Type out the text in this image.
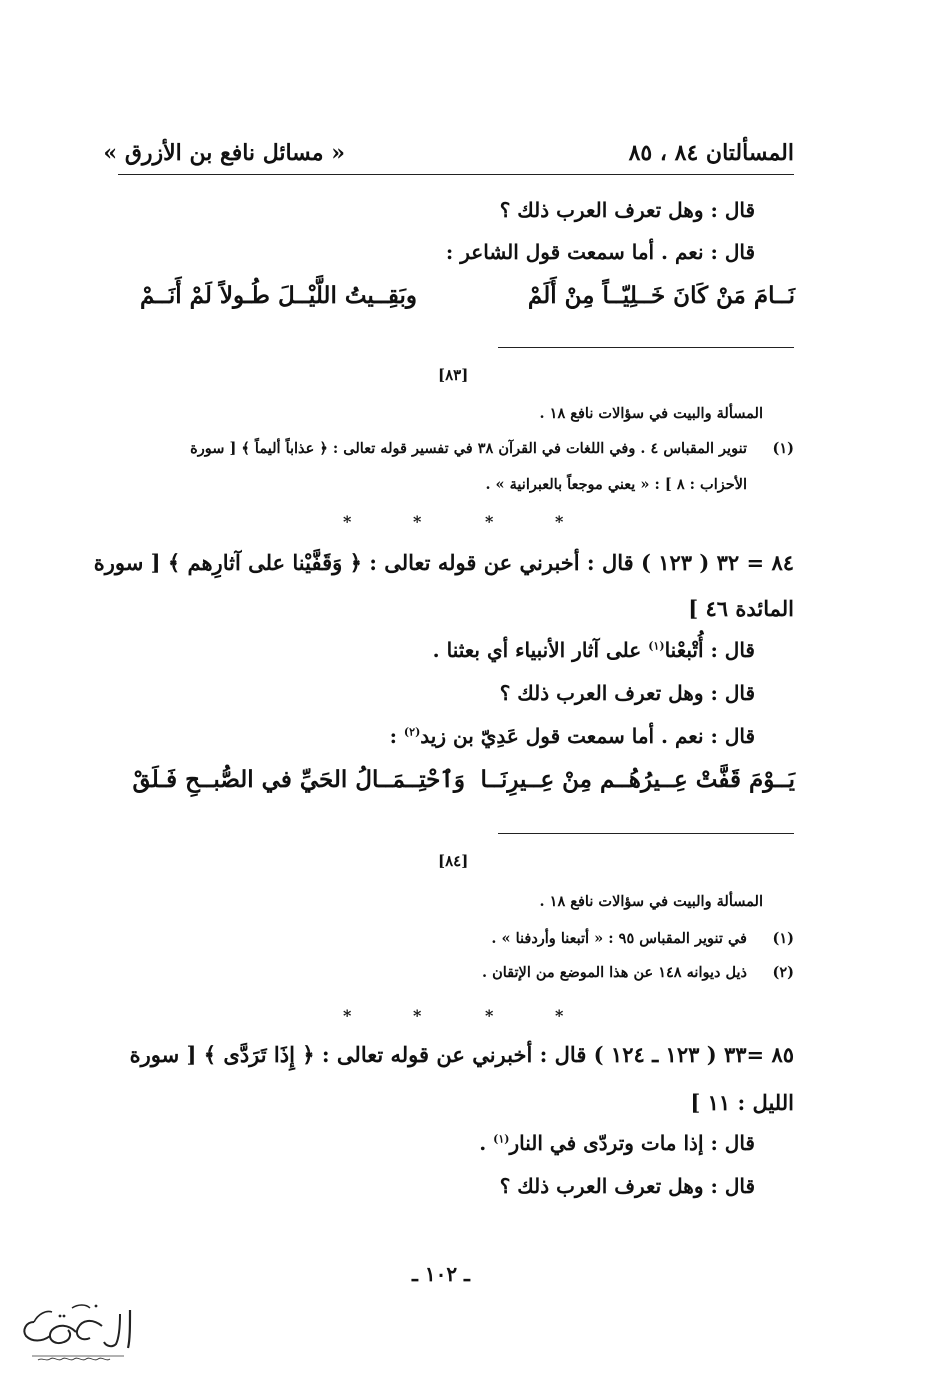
المسألتان ٨٤ ، ٨٥
« مسائل نافع بن الأزرق »
قال : وهل تعرف العرب ذلك ؟
قال : نعم . أما سمعت قول الشاعر :
نَــامَ مَنْ كَانَ خَــلِيّــاً مِنْ أَلَمْ
وبَقِــيتُ اللَّيْــلَ طُـولاً لَمْ أَنَــمْ
[٨٣]
المسألة والبيت في سؤالات نافع ١٨ .
(١)
تنوير المقباس ٤ . وفي اللغات في القرآن ٣٨ في تفسير قوله تعالى : ﴿ عذاباً أليماً ﴾ [ سورة
الأحزاب : ٨ ] : « يعني موجعاً بالعبرانية » .
*	*	*	*
٨٤ = ٣٢ ( ١٢٣ ) قال : أخبرني عن قوله تعالى : ﴿ وَقَفَّيْنا على آثارِهم ﴾ [ سورة
المائدة ٤٦ ]
قال : أُتْبعْنا$^{(١)}$ على آثار الأنبياء أي بعثنا .
قال : وهل تعرف العرب ذلك ؟
قال : نعم . أما سمعت قول عَدِيّ بن زيد$^{(٢)}$ :
يَــوْمَ قَفَّتْ عِــيرُهُــم مِنْ عِــيرِنَــا
وَٱحْتِــمَــالُ الحَيِّ في الصُّبــحِ فَـلَقْ
[٨٤]
المسألة والبيت في سؤالات نافع ١٨ .
(١)
في تنوير المقباس ٩٥ : « أتبعنا وأردفنا » .
(٢)
ذيل ديوانه ١٤٨ عن هذا الموضع من الإتقان .
*	*	*	*
٨٥ =٣٣ ( ١٢٣ ـ ١٢٤ ) قال : أخبرني عن قوله تعالى : ﴿ إِذَا تَرَدَّى ﴾ [ سورة
الليل : ١١ ]
قال : إذا مات وتردّى في النار$^{(١)}$ .
قال : وهل تعرف العرب ذلك ؟
ـ ١٠٢ ـ
